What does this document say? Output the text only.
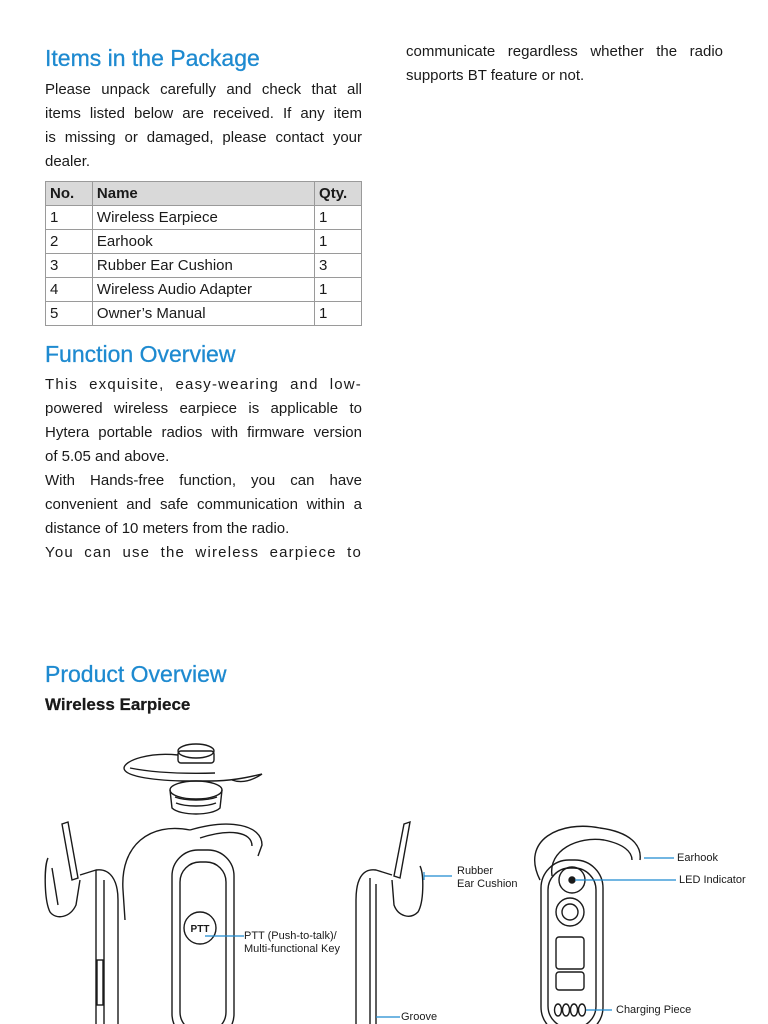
Items in the Package

Please unpack carefully and check that all

items listed below are received. If any item

is missing or damaged, please contact your

dealer.

No.	Name	Qty.
1	Wireless Earpiece	1
2	Earhook	1
3	Rubber Ear Cushion	3
4	Wireless Audio Adapter	1
5	Owner’s Manual	1
Function Overview

This exquisite, easy-wearing and low-

powered wireless earpiece is applicable to

Hytera portable radios with firmware version

of 5.05 and above.

With Hands-free function, you can have

convenient and safe communication within a

distance of 10 meters from the radio.

You can use the wireless earpiece to

communicate regardless whether the radio

supports BT feature or not.

Product Overview

Wireless Earpiece

PTT
PTT (Push-to-talk)/
Multi-functional Key
Rubber
Ear Cushion
Groove
Earhook
LED Indicator
Charging Piece
